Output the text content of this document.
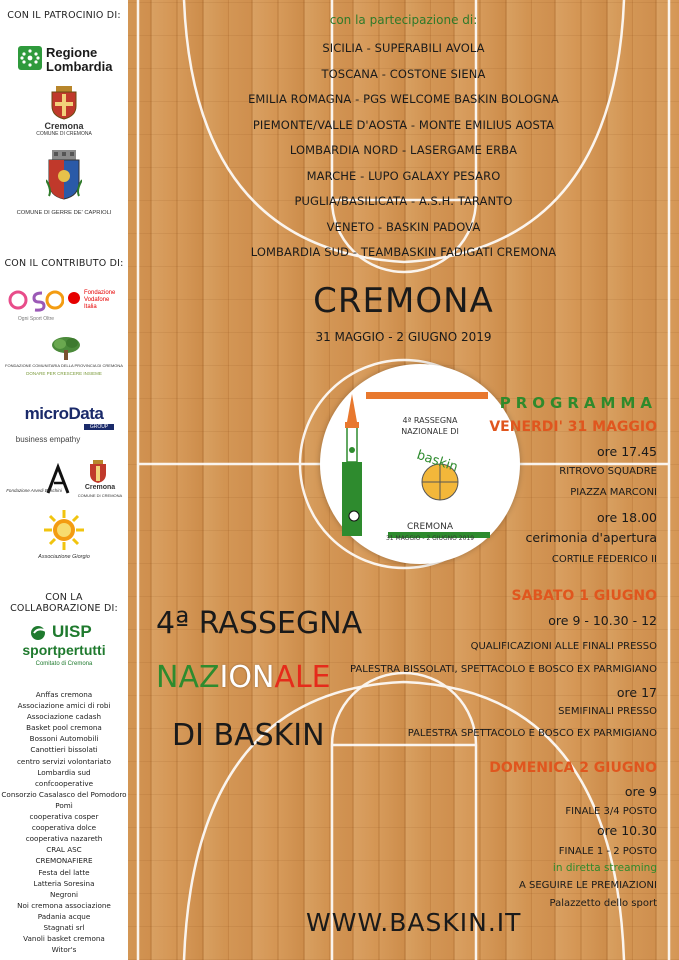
CON IL PATROCINIO DI:
Regione
Lombardia
Cremona
COMUNE DI CREMONA
COMUNE DI GERRE DE' CAPRIOLI
CON IL CONTRIBUTO DI:
Ogni Sport Oltre
Fondazione
Vodafone
Italia
FONDAZIONE COMUNITARIA DELLA PROVINCIA DI CREMONA
DONARE PER CRESCERE INSIEME
microData
GROUP
business empathy
Fondazione Arvedi Buschini	Cremona
COMUNE DI CREMONA
Associazione Giorgio
CON LA COLLABORAZIONE DI:
UISP
sportpertutti
Comitato di Cremona
Anffas cremona
Associazione amici di robi
Associazione cadash
Basket pool cremona
Bossoni Automobili
Canottieri bissolati
centro servizi volontariato
Lombardia sud
confcooperative
Consorzio Casalasco del Pomodoro
Pomì
cooperativa cosper
cooperativa dolce
cooperativa nazareth
CRAL ASC
CREMONAFIERE
Festa del latte
Latteria Soresina
Negroni
Noi cremona associazione
Padania acque
Stagnati srl
Vanoli basket cremona
Witor's
con la partecipazione di:
SICILIA - SUPERABILI AVOLA
TOSCANA - COSTONE SIENA
EMILIA ROMAGNA - PGS WELCOME BASKIN BOLOGNA
PIEMONTE/VALLE D'AOSTA - MONTE EMILIUS AOSTA
LOMBARDIA NORD - LASERGAME ERBA
MARCHE - LUPO GALAXY PESARO
PUGLIA/BASILICATA - A.S.H. TARANTO
VENETO - BASKIN PADOVA
LOMBARDIA SUD - TEAMBASKIN FADIGATI CREMONA
CREMONA
31 MAGGIO - 2 GIUGNO 2019
4ª RASSEGNA
NAZIONALE DI
baskin
CREMONA
31 MAGGIO - 2 GIUGNO 2019
PROGRAMMA
VENERDI' 31 MAGGIO
ore 17.45
RITROVO SQUADRE
PIAZZA MARCONI
ore 18.00
cerimonia d'apertura
CORTILE FEDERICO II
SABATO 1 GIUGNO
ore 9 - 10.30 - 12
QUALIFICAZIONI ALLE FINALI PRESSO
PALESTRA BISSOLATI, SPETTACOLO E BOSCO EX PARMIGIANO
ore 17
SEMIFINALI PRESSO
PALESTRA SPETTACOLO E BOSCO EX PARMIGIANO
DOMENICA 2 GIUGNO
ore 9
FINALE 3/4 POSTO
ore 10.30
FINALE 1 - 2 POSTO
in diretta streaming
A SEGUIRE LE PREMIAZIONI
Palazzetto dello sport
4ª RASSEGNA
NAZIONALE
DI BASKIN
WWW.BASKIN.IT
